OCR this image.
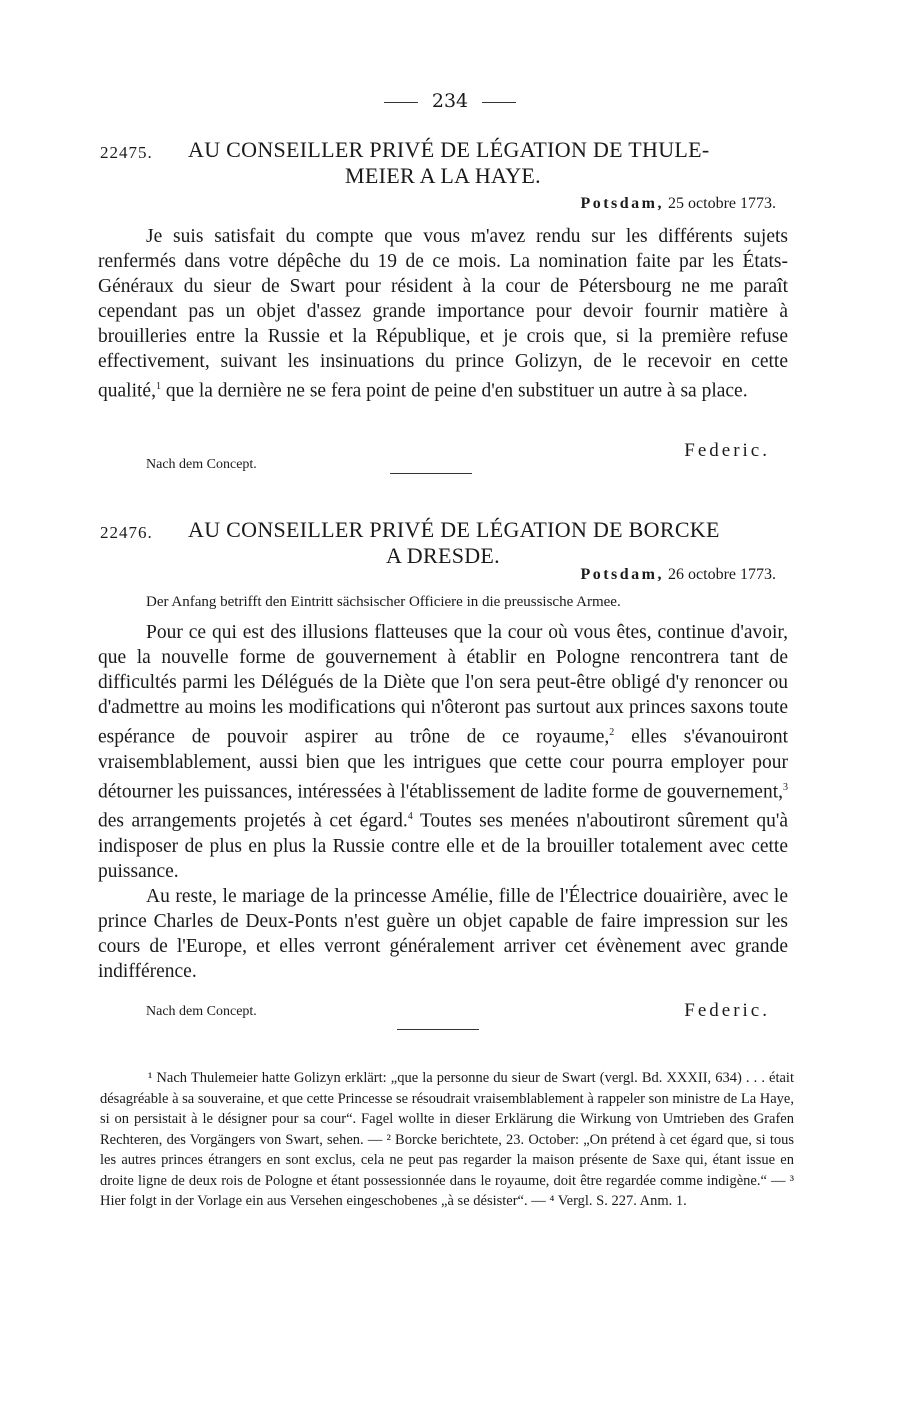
234
22475.	AU CONSEILLER PRIVÉ DE LÉGATION DE THULE-
MEIER A LA HAYE.
Potsdam, 25 octobre 1773.

Je suis satisfait du compte que vous m'avez rendu sur les différents sujets renfermés dans votre dépêche du 19 de ce mois. La nomination faite par les États-Généraux du sieur de Swart pour résident à la cour de Pétersbourg ne me paraît cependant pas un objet d'assez grande importance pour devoir fournir matière à brouilleries entre la Russie et la République, et je crois que, si la première refuse effectivement, suivant les insinuations du prince Golizyn, de le recevoir en cette qualité,$^1$ que la dernière ne se fera point de peine d'en substituer un autre à sa place.

Nach dem Concept.
Federic.
22476.	AU CONSEILLER PRIVÉ DE LÉGATION DE BORCKE
A DRESDE.
Potsdam, 26 octobre 1773.
Der Anfang betrifft den Eintritt sächsischer Officiere in die preussische Armee.

Pour ce qui est des illusions flatteuses que la cour où vous êtes, continue d'avoir, que la nouvelle forme de gouvernement à établir en Pologne rencontrera tant de difficultés parmi les Délégués de la Diète que l'on sera peut-être obligé d'y renoncer ou d'admettre au moins les modifications qui n'ôteront pas surtout aux princes saxons toute espérance de pouvoir aspirer au trône de ce royaume,$^2$ elles s'évanouiront vraisemblablement, aussi bien que les intrigues que cette cour pourra employer pour détourner les puissances, intéressées à l'établissement de ladite forme de gouvernement,$^3$ des arrangements projetés à cet égard.$^4$ Toutes ses menées n'aboutiront sûrement qu'à indisposer de plus en plus la Russie contre elle et de la brouiller totalement avec cette puissance.

Au reste, le mariage de la princesse Amélie, fille de l'Électrice douairière, avec le prince Charles de Deux-Ponts n'est guère un objet capable de faire impression sur les cours de l'Europe, et elles verront généralement arriver cet évènement avec grande indifférence.

Nach dem Concept.	Federic.

¹ Nach Thulemeier hatte Golizyn erklärt: „que la personne du sieur de Swart (vergl. Bd. XXXII, 634) . . . était désagréable à sa souveraine, et que cette Princesse se résoudrait vraisemblablement à rappeler son ministre de La Haye, si on persistait à le désigner pour sa cour“. Fagel wollte in dieser Erklärung die Wirkung von Umtrieben des Grafen Rechteren, des Vorgängers von Swart, sehen. — ² Borcke berichtete, 23. October: „On prétend à cet égard que, si tous les autres princes étrangers en sont exclus, cela ne peut pas regarder la maison présente de Saxe qui, étant issue en droite ligne de deux rois de Pologne et étant possessionnée dans le royaume, doit être regardée comme indigène.“ — ³ Hier folgt in der Vorlage ein aus Versehen eingeschobenes „à se désister“. — ⁴ Vergl. S. 227. Anm. 1.
